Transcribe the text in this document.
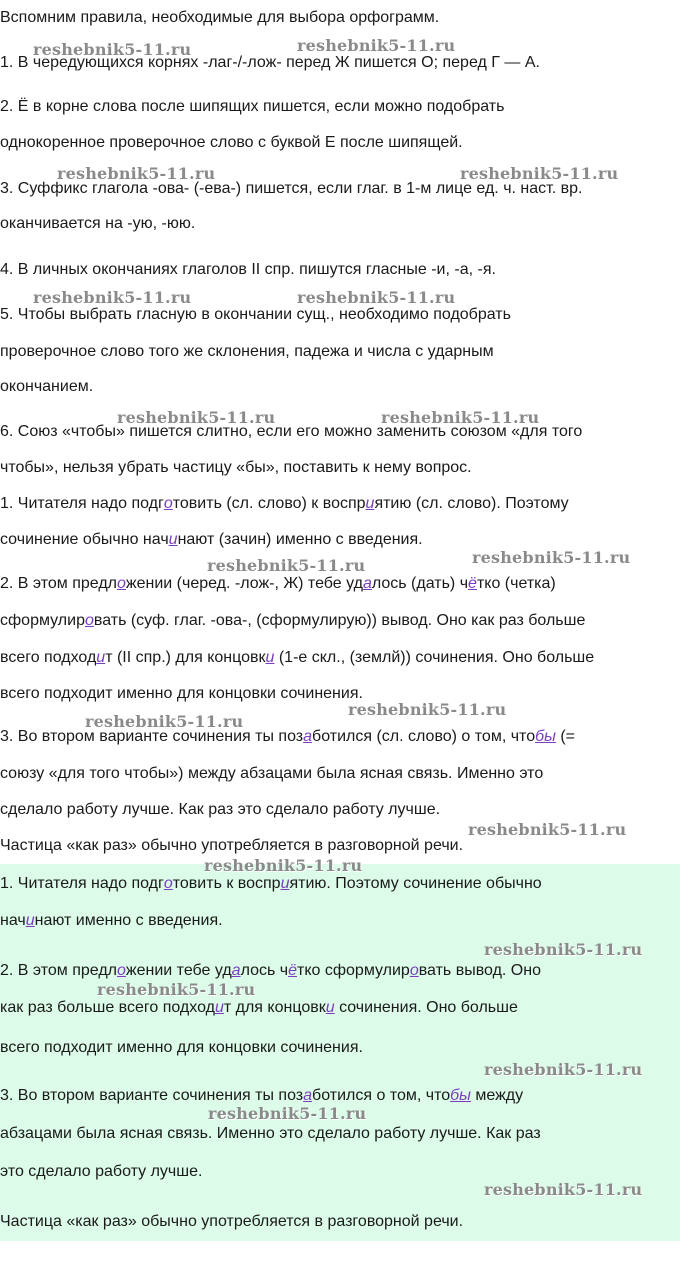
Вспомним правила, необходимые для выбора орфограмм.
1. В чередующихся корнях -лаг-/-лож- перед Ж пишется О; перед Г — А.
2. Ё в корне слова после шипящих пишется, если можно подобрать
однокоренное проверочное слово с буквой Е после шипящей.
3. Суффикс глагола -ова- (-ева-) пишется, если глаг. в 1-м лице ед. ч. наст. вр.
оканчивается на -ую, -юю.
4. В личных окончаниях глаголов II спр. пишутся гласные -и, -а, -я.
5. Чтобы выбрать гласную в окончании сущ., необходимо подобрать
проверочное слово того же склонения, падежа и числа с ударным
окончанием.
6. Союз «чтобы» пишется слитно, если его можно заменить союзом «для того
чтобы», нельзя убрать частицу «бы», поставить к нему вопрос.
1. Читателя надо подготовить (сл. слово) к восприятию (сл. слово). Поэтому
сочинение обычно начинают (зачин) именно с введения.
2. В этом предложении (черед. -лож-, Ж) тебе удалось (дать) чётко (четка)
сформулировать (суф. глаг. -ова-, (сформулирую)) вывод. Оно как раз больше
всего подходит (II спр.) для концовки (1-е скл., (землй)) сочинения. Оно больше
всего подходит именно для концовки сочинения.
3. Во втором варианте сочинения ты позаботился (сл. слово) о том, чтобы (=
союзу «для того чтобы») между абзацами была ясная связь. Именно это
сделало работу лучше. Как раз это сделало работу лучше.
Частица «как раз» обычно употребляется в разговорной речи.
1. Читателя надо подготовить к восприятию. Поэтому сочинение обычно
начинают именно с введения.
2. В этом предложении тебе удалось чётко сформулировать вывод. Оно
как раз больше всего подходит для концовки сочинения. Оно больше
всего подходит именно для концовки сочинения.
3. Во втором варианте сочинения ты позаботился о том, чтобы между
абзацами была ясная связь. Именно это сделало работу лучше. Как раз
это сделало работу лучше.
Частица «как раз» обычно употребляется в разговорной речи.
reshebnik5-11.ru	reshebnik5-11.ru
reshebnik5-11.ru	reshebnik5-11.ru
reshebnik5-11.ru	reshebnik5-11.ru
reshebnik5-11.ru	reshebnik5-11.ru
reshebnik5-11.ru	reshebnik5-11.ru
reshebnik5-11.ru
reshebnik5-11.ru
reshebnik5-11.ru
reshebnik5-11.ru
reshebnik5-11.ru
reshebnik5-11.ru
reshebnik5-11.ru
reshebnik5-11.ru
reshebnik5-11.ru
